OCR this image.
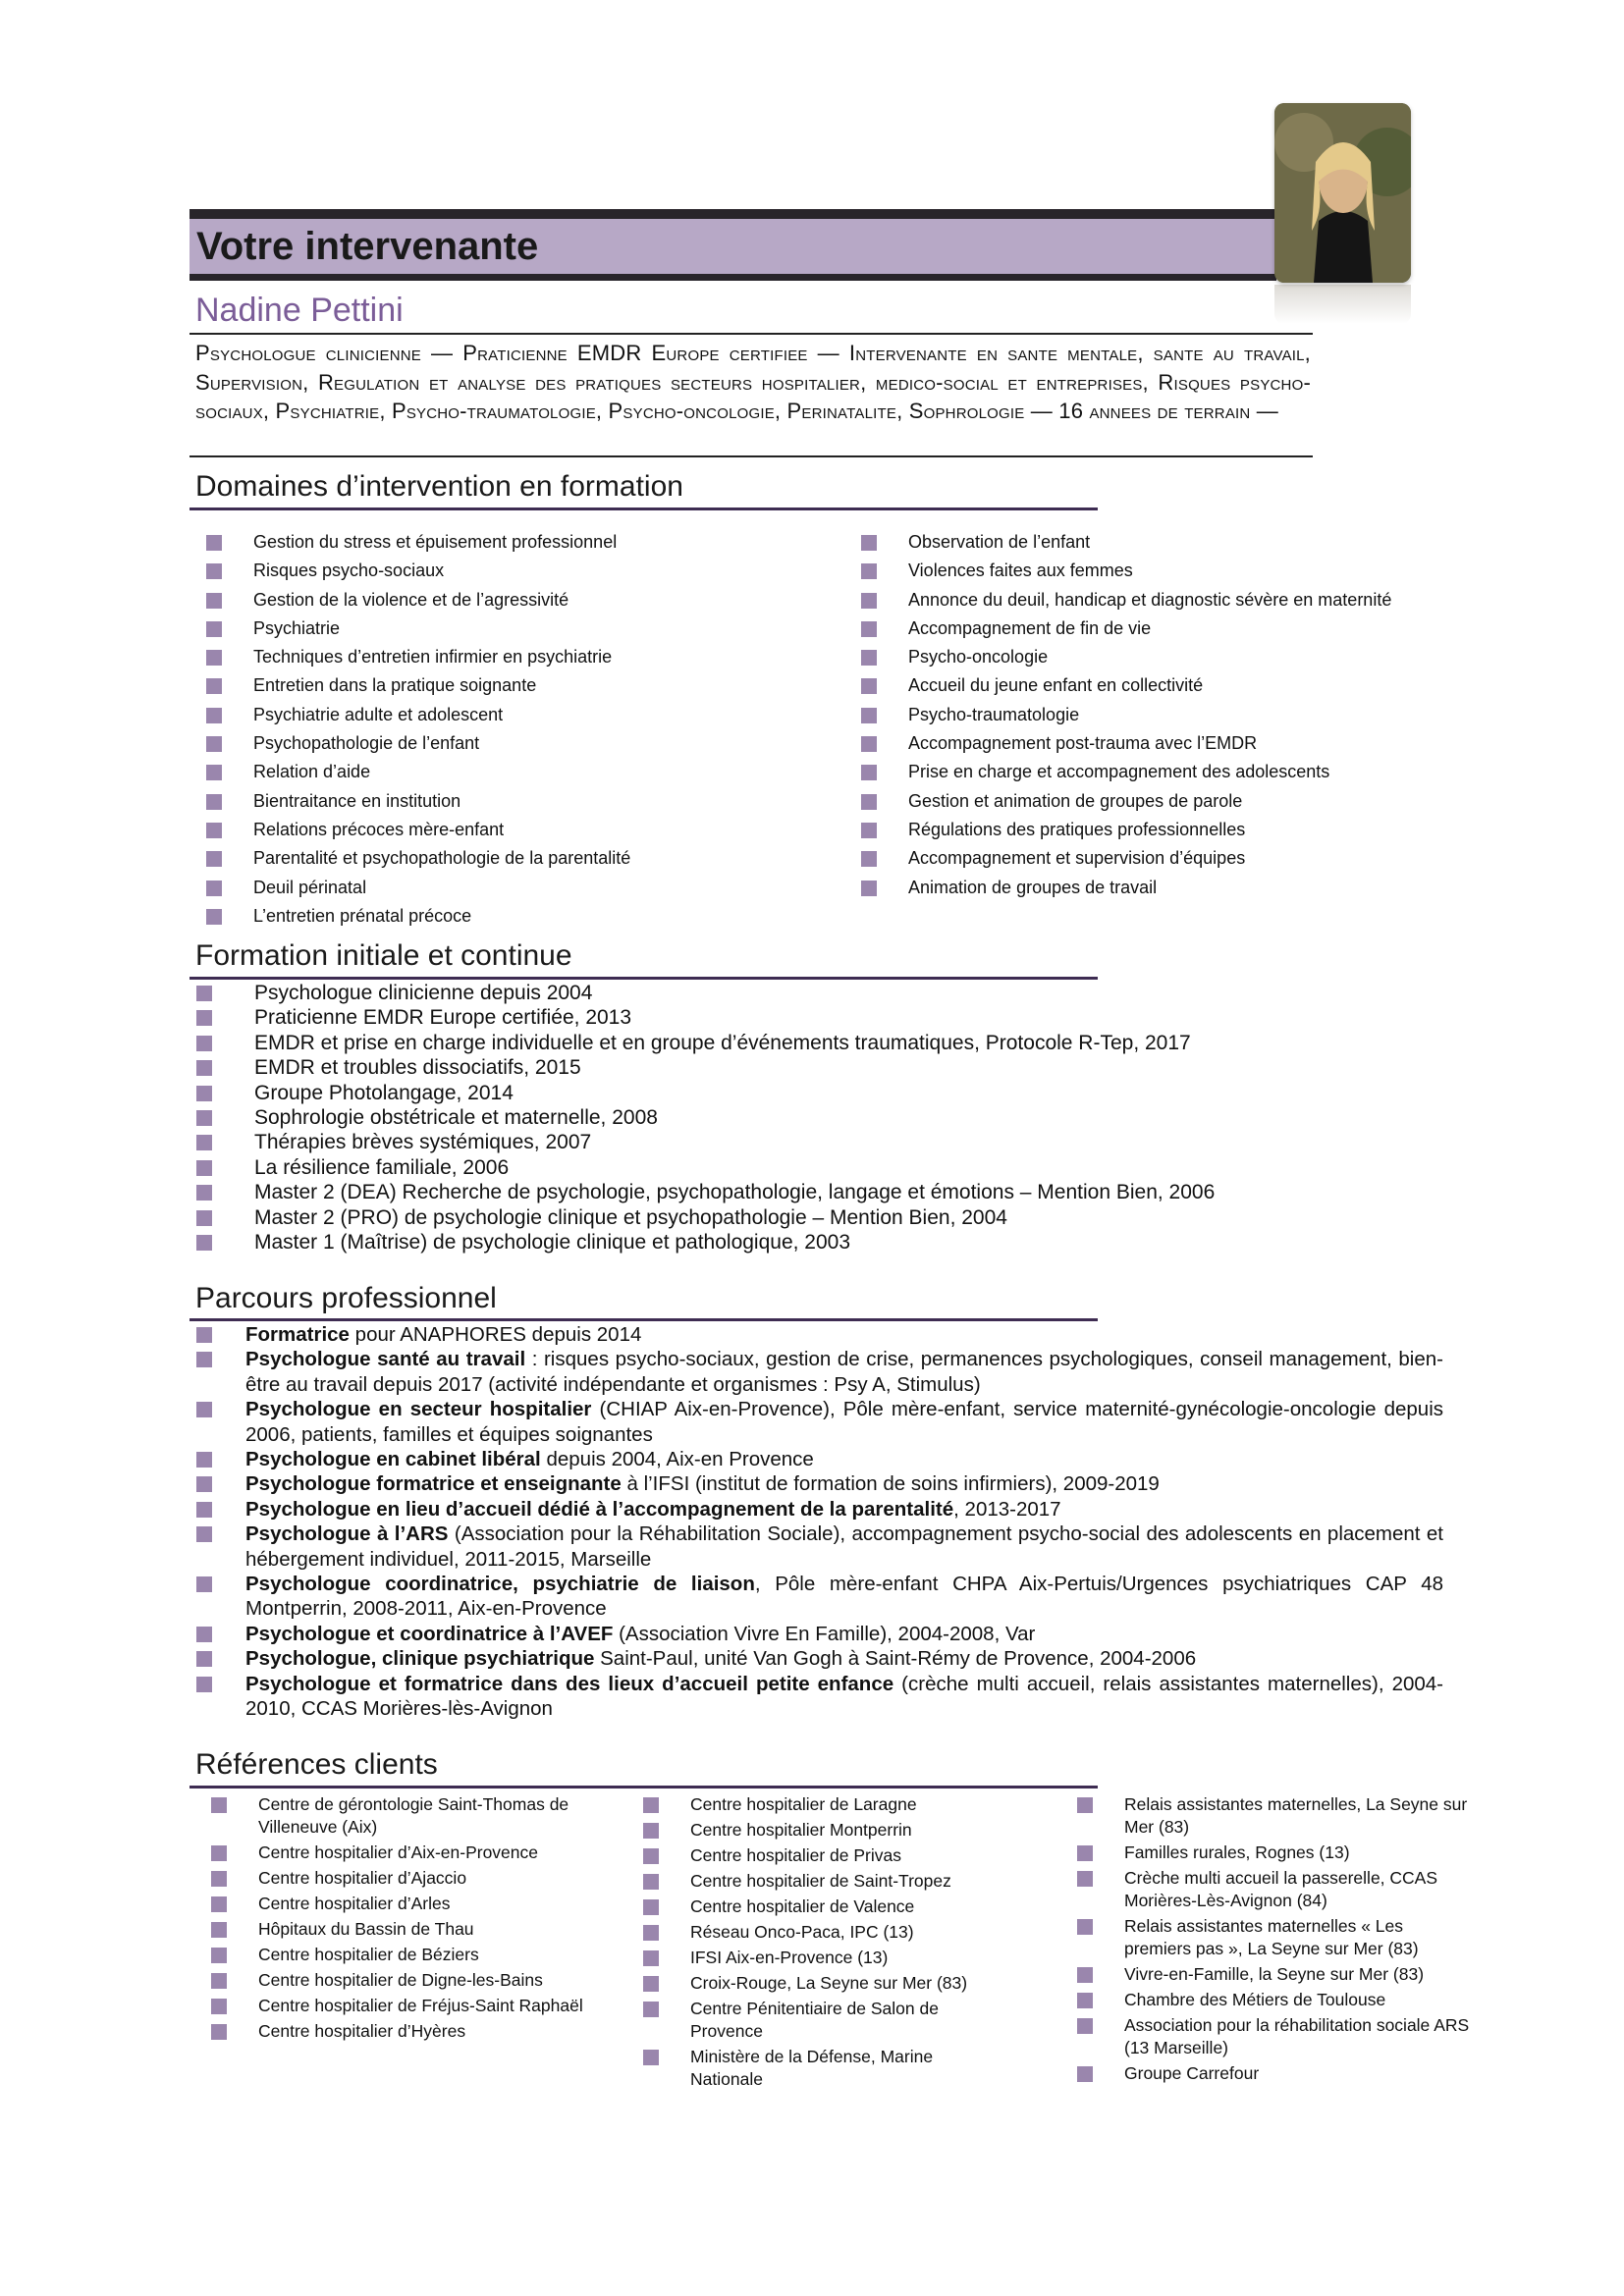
Votre intervenante
Nadine Pettini
Psychologue clinicienne — Praticienne EMDR Europe certifiee — Intervenante en sante mentale, sante au travail, Supervision, Regulation et analyse des pratiques secteurs hospitalier, medico-social et entreprises, Risques psycho-sociaux, Psychiatrie, Psycho-traumatologie, Psycho-oncologie, Perinatalite, Sophrologie — 16 annees de terrain —
Domaines d’intervention en formation
Gestion du stress et épuisement professionnel
Risques psycho-sociaux
Gestion de la violence et de l’agressivité
Psychiatrie
Techniques d’entretien infirmier en psychiatrie
Entretien dans la pratique soignante
Psychiatrie adulte et adolescent
Psychopathologie de l’enfant
Relation d’aide
Bientraitance en institution
Relations précoces mère-enfant
Parentalité et psychopathologie de la parentalité
Deuil périnatal
L’entretien prénatal précoce
Observation de l’enfant
Violences faites aux femmes
Annonce du deuil, handicap et diagnostic sévère en maternité
Accompagnement de fin de vie
Psycho-oncologie
Accueil du jeune enfant en collectivité
Psycho-traumatologie
Accompagnement post-trauma avec l’EMDR
Prise en charge et accompagnement des adolescents
Gestion et animation de groupes de parole
Régulations des pratiques professionnelles
Accompagnement et supervision d’équipes
Animation de groupes de travail
Formation initiale et continue
Psychologue clinicienne depuis 2004
Praticienne EMDR Europe certifiée, 2013
EMDR et prise en charge individuelle et en groupe d’événements traumatiques, Protocole R-Tep, 2017
EMDR et troubles dissociatifs, 2015
Groupe Photolangage, 2014
Sophrologie obstétricale et maternelle, 2008
Thérapies brèves systémiques, 2007
La résilience familiale, 2006
Master 2 (DEA) Recherche de psychologie, psychopathologie, langage et émotions – Mention Bien, 2006
Master 2 (PRO) de psychologie clinique et psychopathologie – Mention Bien, 2004
Master 1 (Maîtrise) de psychologie clinique et pathologique, 2003
Parcours professionnel
Formatrice pour ANAPHORES depuis 2014
Psychologue santé au travail : risques psycho-sociaux, gestion de crise, permanences psychologiques, conseil management, bien-être au travail depuis 2017 (activité indépendante et organismes : Psy A, Stimulus)
Psychologue en secteur hospitalier (CHIAP Aix-en-Provence), Pôle mère-enfant, service maternité-gynécologie-oncologie depuis 2006, patients, familles et équipes soignantes
Psychologue en cabinet libéral depuis 2004, Aix-en Provence
Psychologue formatrice et enseignante à l’IFSI (institut de formation de soins infirmiers), 2009-2019
Psychologue en lieu d’accueil dédié à l’accompagnement de la parentalité, 2013-2017
Psychologue à l’ARS (Association pour la Réhabilitation Sociale), accompagnement psycho-social des adolescents en placement et hébergement individuel, 2011-2015, Marseille
Psychologue coordinatrice, psychiatrie de liaison, Pôle mère-enfant CHPA Aix-Pertuis/Urgences psychiatriques CAP 48 Montperrin, 2008-2011, Aix-en-Provence
Psychologue et coordinatrice à l’AVEF (Association Vivre En Famille), 2004-2008, Var
Psychologue, clinique psychiatrique Saint-Paul, unité Van Gogh à Saint-Rémy de Provence, 2004-2006
Psychologue et formatrice dans des lieux d’accueil petite enfance (crèche multi accueil, relais assistantes maternelles), 2004-2010, CCAS Morières-lès-Avignon
Références clients
Centre de gérontologie Saint-Thomas de Villeneuve (Aix)
Centre hospitalier d’Aix-en-Provence
Centre hospitalier d’Ajaccio
Centre hospitalier d’Arles
Hôpitaux du Bassin de Thau
Centre hospitalier de Béziers
Centre hospitalier de Digne-les-Bains
Centre hospitalier de Fréjus-Saint Raphaël
Centre hospitalier d’Hyères
Centre hospitalier de Laragne
Centre hospitalier Montperrin
Centre hospitalier de Privas
Centre hospitalier de Saint-Tropez
Centre hospitalier de Valence
Réseau Onco-Paca, IPC (13)
IFSI Aix-en-Provence (13)
Croix-Rouge, La Seyne sur Mer (83)
Centre Pénitentiaire de Salon de Provence
Ministère de la Défense, Marine Nationale
Relais assistantes maternelles, La Seyne sur Mer (83)
Familles rurales, Rognes (13)
Crèche multi accueil la passerelle, CCAS Morières-Lès-Avignon (84)
Relais assistantes maternelles « Les premiers pas », La Seyne sur Mer (83)
Vivre-en-Famille, la Seyne sur Mer (83)
Chambre des Métiers de Toulouse
Association pour la réhabilitation sociale ARS (13 Marseille)
Groupe Carrefour
